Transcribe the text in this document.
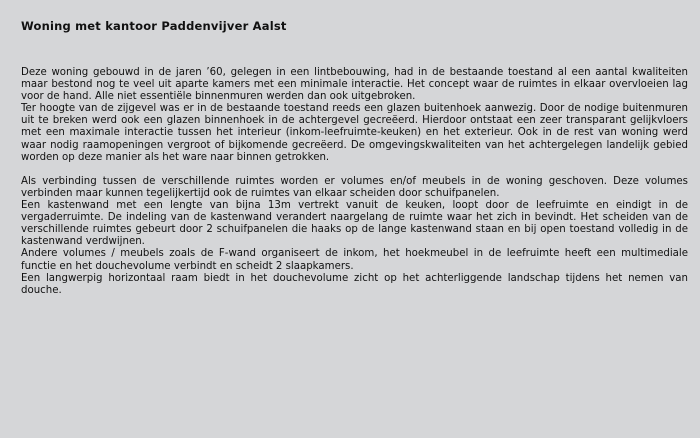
Woning met kantoor Paddenvijver Aalst
Deze woning gebouwd in de jaren ’60, gelegen in een lintbebouwing, had in de bestaande toestand al een aantal kwaliteiten maar bestond nog te veel uit aparte kamers met een minimale interactie. Het concept waar de ruimtes in elkaar overvloeien lag voor de hand. Alle niet essentiële binnenmuren werden dan ook uitgebroken.
Ter hoogte van de zijgevel was er in de bestaande toestand reeds een glazen buitenhoek aanwezig. Door de nodige buitenmuren uit te breken werd ook een glazen binnenhoek in de achtergevel gecreëerd. Hierdoor ontstaat een zeer transparant gelijkvloers met een maximale interactie tussen het interieur (inkom-leefruimte-keuken) en het exterieur. Ook in de rest van woning werd waar nodig raamopeningen vergroot of bijkomende gecreëerd. De omgevingskwaliteiten van het achtergelegen landelijk gebied worden op deze manier als het ware naar binnen getrokken.
Als verbinding tussen de verschillende ruimtes worden er volumes en/of meubels in de woning geschoven. Deze volumes verbinden maar kunnen tegelijkertijd ook de ruimtes van elkaar scheiden door schuifpanelen.
Een kastenwand met een lengte van bijna 13m vertrekt vanuit de keuken, loopt door de leefruimte en eindigt in de vergaderruimte. De indeling van de kastenwand verandert naargelang de ruimte waar het zich in bevindt. Het scheiden van de verschillende ruimtes gebeurt door 2 schuifpanelen die haaks op de lange kastenwand staan en bij open toestand volledig in de kastenwand verdwijnen.
Andere volumes / meubels zoals de F-wand organiseert de inkom, het hoekmeubel in de leefruimte heeft een multimediale functie en het douchevolume verbindt en scheidt 2 slaapkamers.
Een langwerpig horizontaal raam biedt in het douchevolume zicht op het achterliggende landschap tijdens het nemen van douche.
